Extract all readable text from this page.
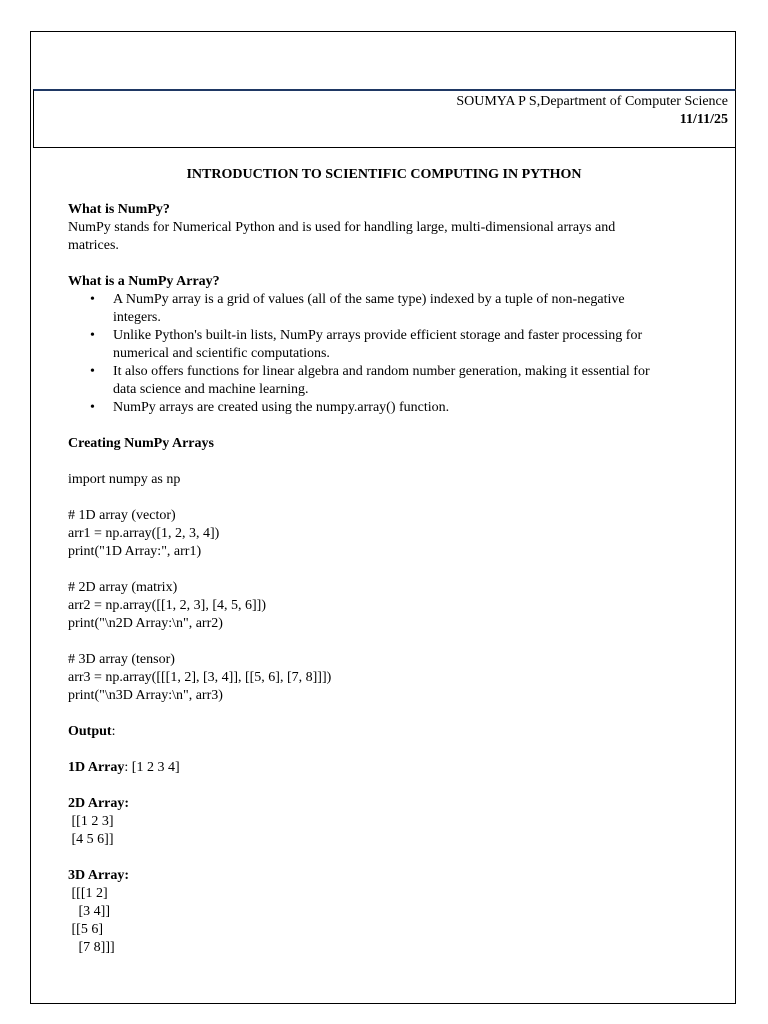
SOUMYA P S,Department of Computer Science
11/11/25
INTRODUCTION TO SCIENTIFIC COMPUTING IN PYTHON

What is NumPy?

NumPy stands for Numerical Python and is used for handling large, multi-dimensional arrays and

matrices.

What is a NumPy Array?

• A NumPy array is a grid of values (all of the same type) indexed by a tuple of non-negative

integers.

• Unlike Python's built-in lists, NumPy arrays provide efficient storage and faster processing for

numerical and scientific computations.

• It also offers functions for linear algebra and random number generation, making it essential for

data science and machine learning.

• NumPy arrays are created using the numpy.array() function.

Creating NumPy Arrays

import numpy as np

# 1D array (vector)

arr1 = np.array([1, 2, 3, 4])

print("1D Array:", arr1)

# 2D array (matrix)

arr2 = np.array([[1, 2, 3], [4, 5, 6]])

print("\n2D Array:\n", arr2)

# 3D array (tensor)

arr3 = np.array([[[1, 2], [3, 4]], [[5, 6], [7, 8]]])

print("\n3D Array:\n", arr3)

Output:

1D Array: [1 2 3 4]

2D Array:

[[1 2 3]

[4 5 6]]

3D Array:

[[[1 2]

[3 4]]

[[5 6]

[7 8]]]
